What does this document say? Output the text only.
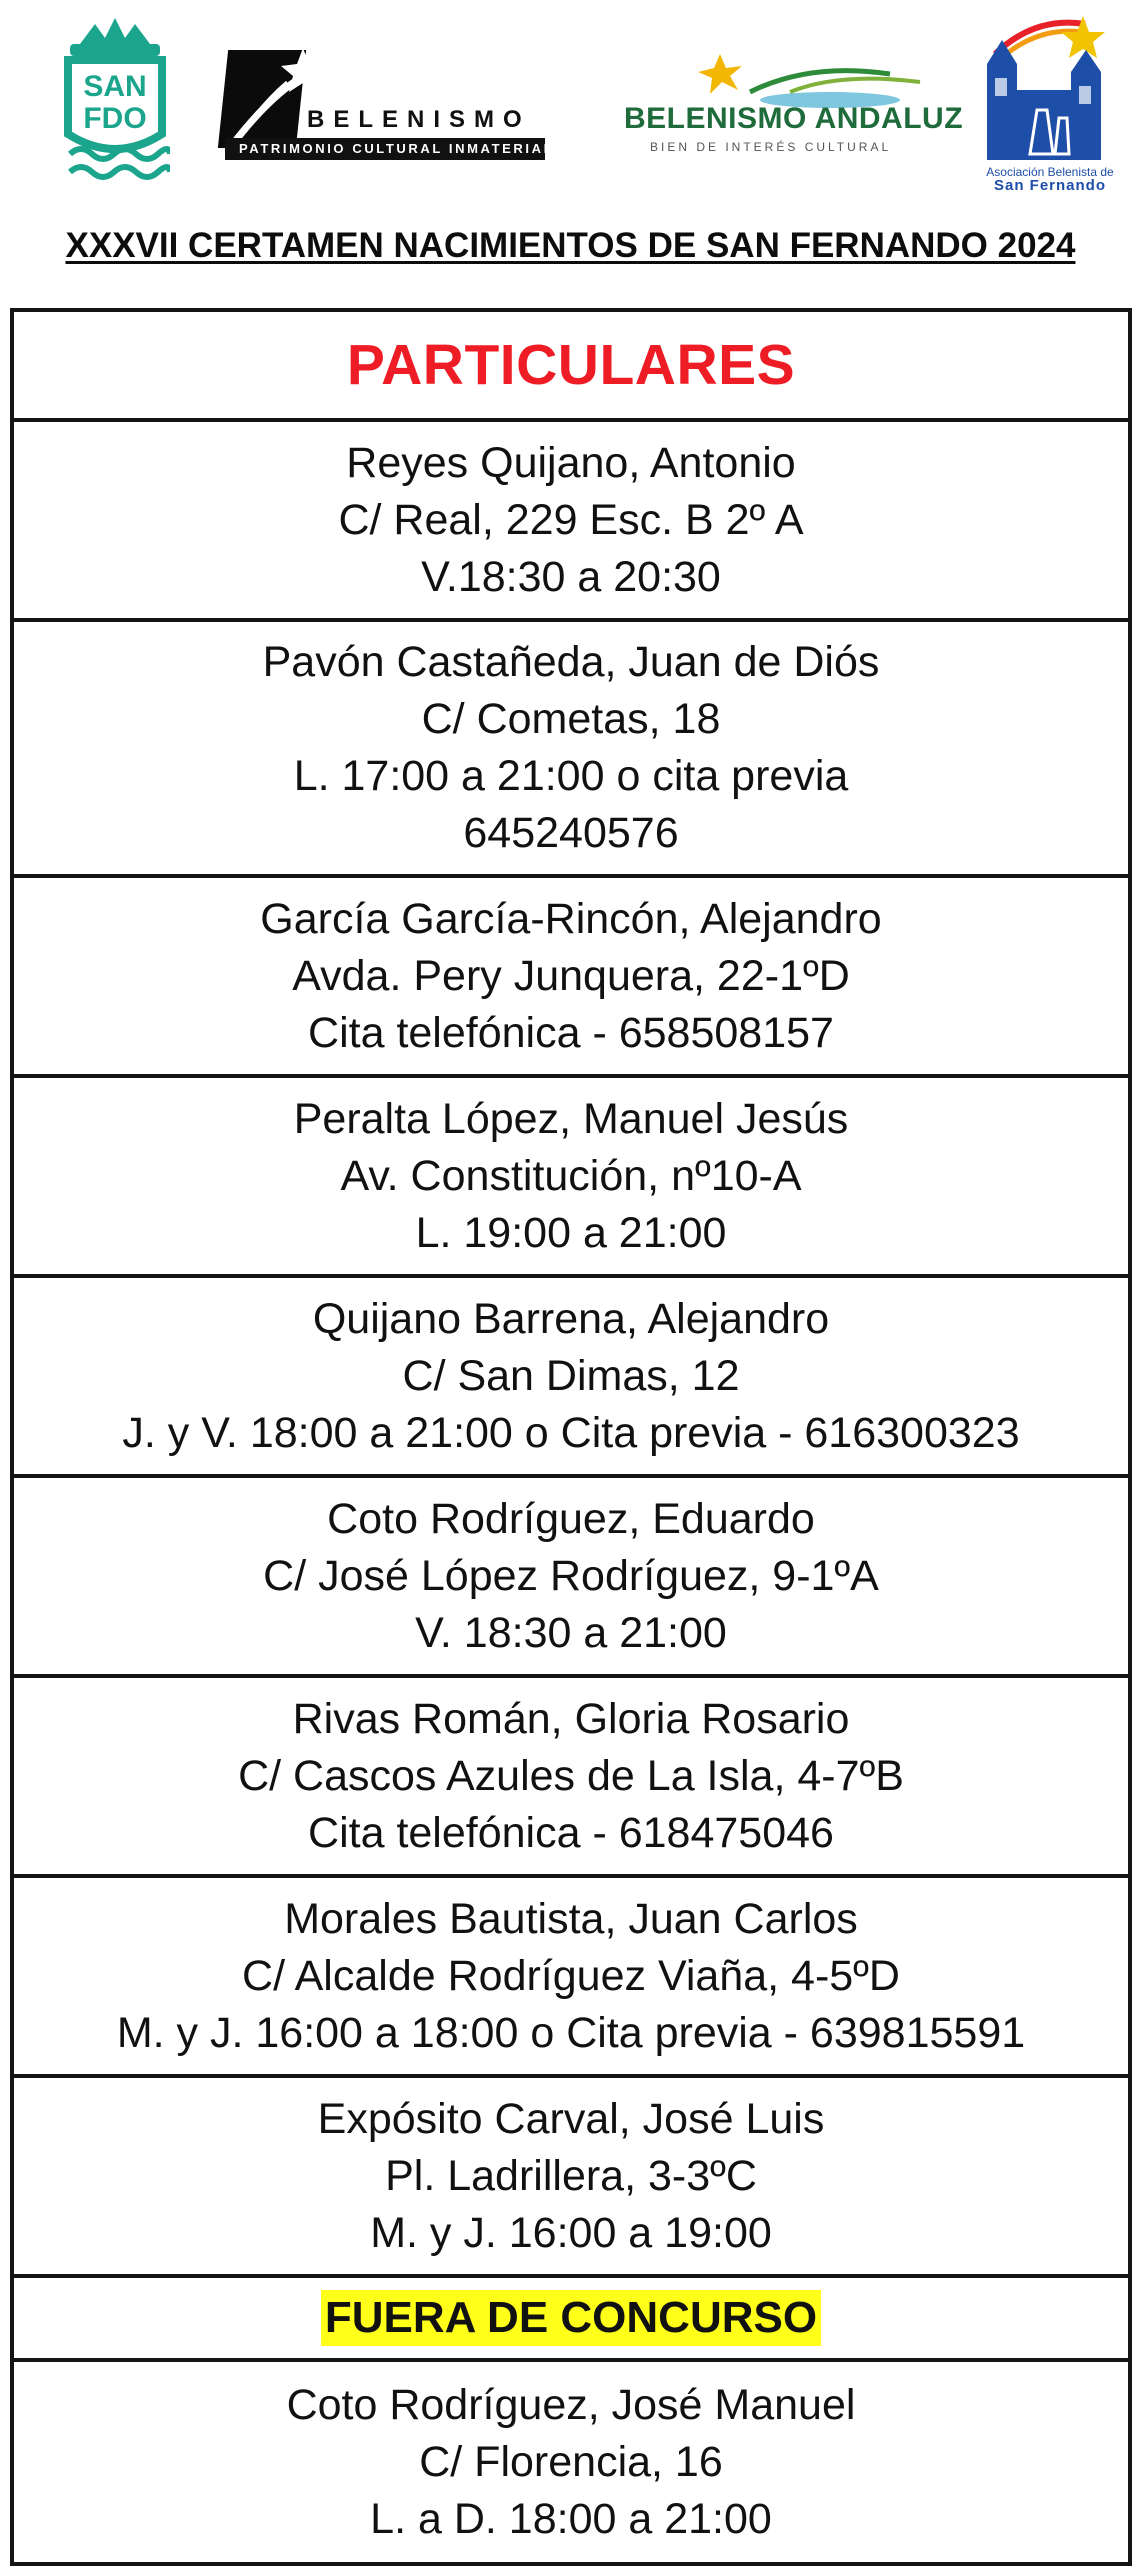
SAN
FDO	BELENISMO
PATRIMONIO CULTURAL INMATERIAL
BELENISMO ANDALUZ
BIEN DE INTERÉS CULTURAL
Asociación Belenista de
San Fernando
XXXVII CERTAMEN NACIMIENTOS DE SAN FERNANDO 2024
PARTICULARES
Reyes Quijano, Antonio
C/ Real, 229 Esc. B 2º A
V.18:30 a 20:30
Pavón Castañeda, Juan de Diós
C/ Cometas, 18
L. 17:00 a 21:00 o cita previa
645240576
García García-Rincón, Alejandro
Avda. Pery Junquera, 22-1ºD
Cita telefónica - 658508157
Peralta López, Manuel Jesús
Av. Constitución, nº10-A
L. 19:00 a 21:00
Quijano Barrena, Alejandro
C/ San Dimas, 12
J. y V. 18:00 a 21:00 o Cita previa - 616300323
Coto Rodríguez, Eduardo
C/ José López Rodríguez, 9-1ºA
V. 18:30 a 21:00
Rivas Román, Gloria Rosario
C/ Cascos Azules de La Isla, 4-7ºB
Cita telefónica - 618475046
Morales Bautista, Juan Carlos
C/ Alcalde Rodríguez Viaña, 4-5ºD
M. y J. 16:00 a 18:00 o Cita previa - 639815591
Expósito Carval, José Luis
Pl. Ladrillera, 3-3ºC
M. y J. 16:00 a 19:00
FUERA DE CONCURSO
Coto Rodríguez, José Manuel
C/ Florencia, 16
L. a D. 18:00 a 21:00
